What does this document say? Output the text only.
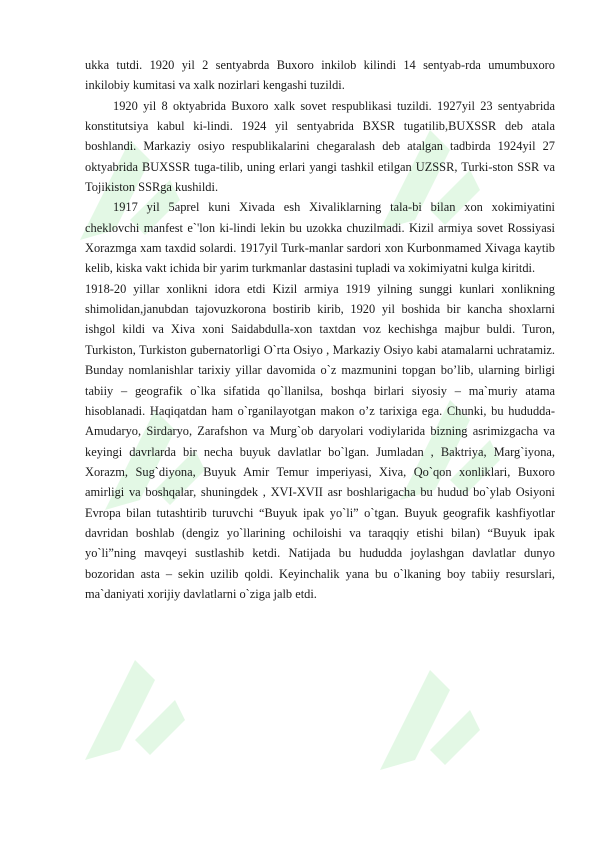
ukka tutdi. 1920 yil 2 sentyabrda Buxoro inkilob kilindi 14 sentyab-rda umumbuxoro inkilobiy kumitasi va xalk nozirlari kengashi tuzildi.

1920 yil 8 oktyabrida Buxoro xalk sovet respublikasi tuzildi. 1927yil 23 sentyabrida konstitutsiya kabul ki-lindi. 1924 yil sentyabrida BXSR tugatilib,BUXSSR deb atala boshlandi. Markaziy osiyo respublikalarini chegaralash deb atalgan tadbirda 1924yil 27 oktyabrida BUXSSR tuga-tilib, uning erlari yangi tashkil etilgan UZSSR, Turki-ston SSR va Tojikiston SSRga kushildi.

1917 yil 5aprel kuni Xivada esh Xivaliklarning tala-bi bilan xon xokimiyatini cheklovchi manfest e`'lon ki-lindi lekin bu uzokka chuzilmadi. Kizil armiya sovet Rossiyasi Xorazmga xam taxdid solardi. 1917yil Turk-manlar sardori xon Kurbonmamed Xivaga kaytib kelib, kiska vakt ichida bir yarim turkmanlar dastasini tupladi va xokimiyatni kulga kiritdi.

1918-20 yillar xonlikni idora etdi Kizil armiya 1919 yilning sunggi kunlari xonlikning shimolidan,janubdan tajovuzkorona bostirib kirib, 1920 yil boshida bir kancha shoxlarni ishgol kildi va Xiva xoni Saidabdulla-xon taxtdan voz kechishga majbur buldi. Turon, Turkiston, Turkiston gubernatorligi O`rta Osiyo , Markaziy Osiyo kabi atamalarni uchratamiz. Bunday nomlanishlar tarixiy yillar davomida o`z mazmunini topgan bo’lib, ularning birligi tabiiy – geografik o`lka sifatida qo`llanilsa, boshqa birlari siyosiy – ma`muriy atama hisoblanadi. Haqiqatdan ham o`rganilayotgan makon o’z tarixiga ega. Chunki, bu hududda- Amudaryo, Sirdaryo, Zarafshon va Murg`ob daryolari vodiylarida bizning asrimizgacha va keyingi davrlarda bir necha buyuk davlatlar bo`lgan. Jumladan , Baktriya, Marg`iyona, Xorazm, Sug`diyona, Buyuk Amir Temur imperiyasi, Xiva, Qo`qon xonliklari, Buxoro amirligi va boshqalar, shuningdek , XVI-XVII asr boshlarigacha bu hudud bo`ylab Osiyoni Evropa bilan tutashtirib turuvchi “Buyuk ipak yo`li” o`tgan. Buyuk geografik kashfiyotlar davridan boshlab (dengiz yo`llarining ochiloishi va taraqqiy etishi bilan) “Buyuk ipak yo`li”ning mavqeyi sustlashib ketdi. Natijada bu hududda joylashgan davlatlar dunyo bozoridan asta – sekin uzilib qoldi. Keyinchalik yana bu o`lkaning boy tabiiy resurslari, ma`daniyati xorijiy davlatlarni o`ziga jalb etdi.
